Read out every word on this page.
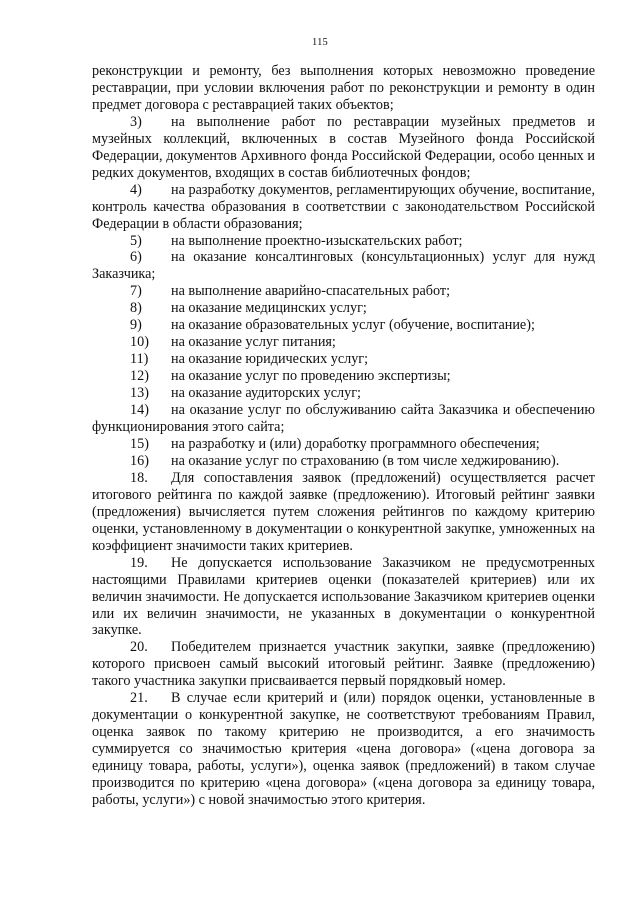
115

реконструкции и ремонту, без выполнения которых невозможно проведение реставрации, при условии включения работ по реконструкции и ремонту в один предмет договора с реставрацией таких объектов;

3) на выполнение работ по реставрации музейных предметов и музейных коллекций, включенных в состав Музейного фонда Российской Федерации, документов Архивного фонда Российской Федерации, особо ценных и редких документов, входящих в состав библиотечных фондов;

4) на разработку документов, регламентирующих обучение, воспитание, контроль качества образования в соответствии с законодательством Российской Федерации в области образования;

5) на выполнение проектно-изыскательских работ;

6) на оказание консалтинговых (консультационных) услуг для нужд Заказчика;

7) на выполнение аварийно-спасательных работ;

8) на оказание медицинских услуг;

9) на оказание образовательных услуг (обучение, воспитание);

10) на оказание услуг питания;

11) на оказание юридических услуг;

12) на оказание услуг по проведению экспертизы;

13) на оказание аудиторских услуг;

14) на оказание услуг по обслуживанию сайта Заказчика и обеспечению функционирования этого сайта;

15) на разработку и (или) доработку программного обеспечения;

16) на оказание услуг по страхованию (в том числе хеджированию).

18. Для сопоставления заявок (предложений) осуществляется расчет итогового рейтинга по каждой заявке (предложению). Итоговый рейтинг заявки (предложения) вычисляется путем сложения рейтингов по каждому критерию оценки, установленному в документации о конкурентной закупке, умноженных на коэффициент значимости таких критериев.

19. Не допускается использование Заказчиком не предусмотренных настоящими Правилами критериев оценки (показателей критериев) или их величин значимости. Не допускается использование Заказчиком критериев оценки или их величин значимости, не указанных в документации о конкурентной закупке.

20. Победителем признается участник закупки, заявке (предложению) которого присвоен самый высокий итоговый рейтинг. Заявке (предложению) такого участника закупки присваивается первый порядковый номер.

21. В случае если критерий и (или) порядок оценки, установленные в документации о конкурентной закупке, не соответствуют требованиям Правил, оценка заявок по такому критерию не производится, а его значимость суммируется со значимостью критерия «цена договора» («цена договора за единицу товара, работы, услуги»), оценка заявок (предложений) в таком случае производится по критерию «цена договора» («цена договора за единицу товара, работы, услуги») с новой значимостью этого критерия.
